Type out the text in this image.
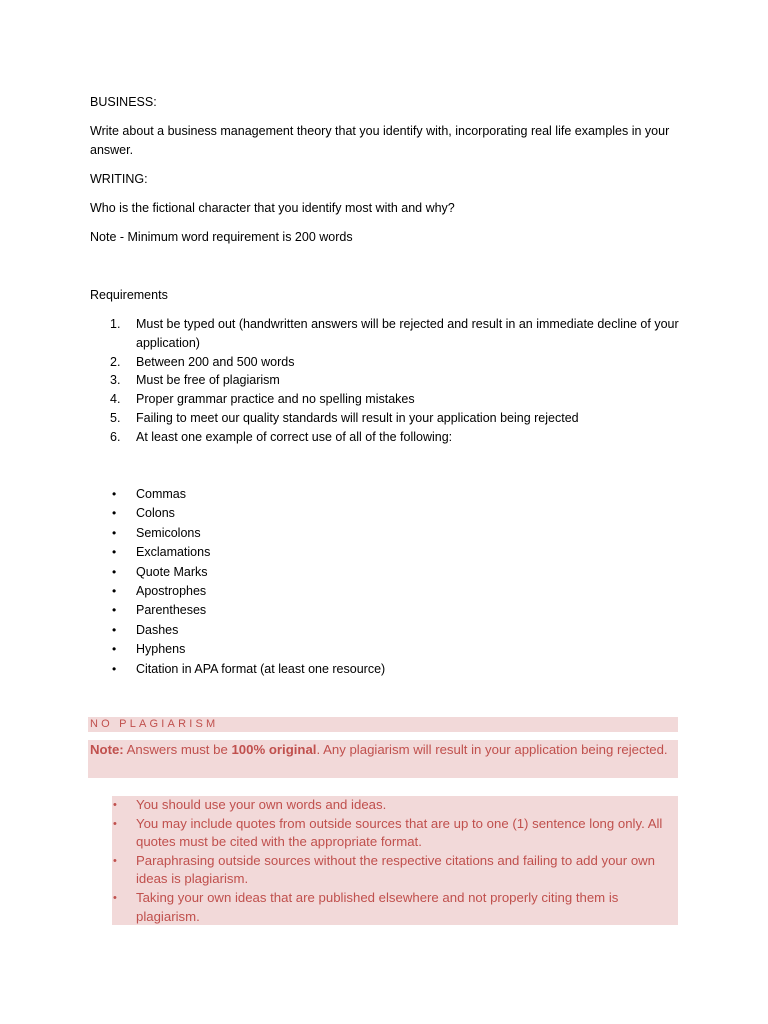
BUSINESS:

Write about a business management theory that you identify with, incorporating real life examples in your answer.

WRITING:

Who is the fictional character that you identify most with and why?

Note - Minimum word requirement is 200 words

Requirements

1.	Must be typed out (handwritten answers will be rejected and result in an immediate decline of your application)
2.	Between 200 and 500 words
3.	Must be free of plagiarism
4.	Proper grammar practice and no spelling mistakes
5.	Failing to meet our quality standards will result in your application being rejected
6.	At least one example of correct use of all of the following:
• Commas
• Colons
• Semicolons
• Exclamations
• Quote Marks
• Apostrophes
• Parentheses
• Dashes
• Hyphens
• Citation in APA format (at least one resource)
NO PLAGIARISM
Note: Answers must be 100% original. Any plagiarism will result in your application being rejected.
• You should use your own words and ideas.
• You may include quotes from outside sources that are up to one (1) sentence long only. All quotes must be cited with the appropriate format.
• Paraphrasing outside sources without the respective citations and failing to add your own ideas is plagiarism.
• Taking your own ideas that are published elsewhere and not properly citing them is plagiarism.
